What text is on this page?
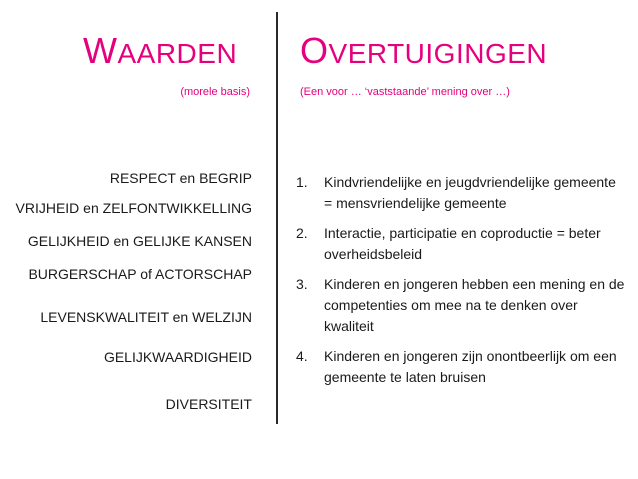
WAARDEN
(morele basis)
OVERTUIGINGEN
(Een voor … ‘vaststaande’ mening over …)
RESPECT en BEGRIP
VRIJHEID en ZELFONTWIKKELLING
GELIJKHEID en GELIJKE KANSEN
BURGERSCHAP of ACTORSCHAP
LEVENSKWALITEIT en WELZIJN
GELIJKWAARDIGHEID
DIVERSITEIT
1. Kindvriendelijke en jeugdvriendelijke gemeente = mensvriendelijke gemeente
2. Interactie, participatie en coproductie = beter overheidsbeleid
3. Kinderen en jongeren hebben een mening en de competenties om mee na te denken over kwaliteit
4. Kinderen en jongeren zijn onontbeerlijk om een gemeente te laten bruisen
